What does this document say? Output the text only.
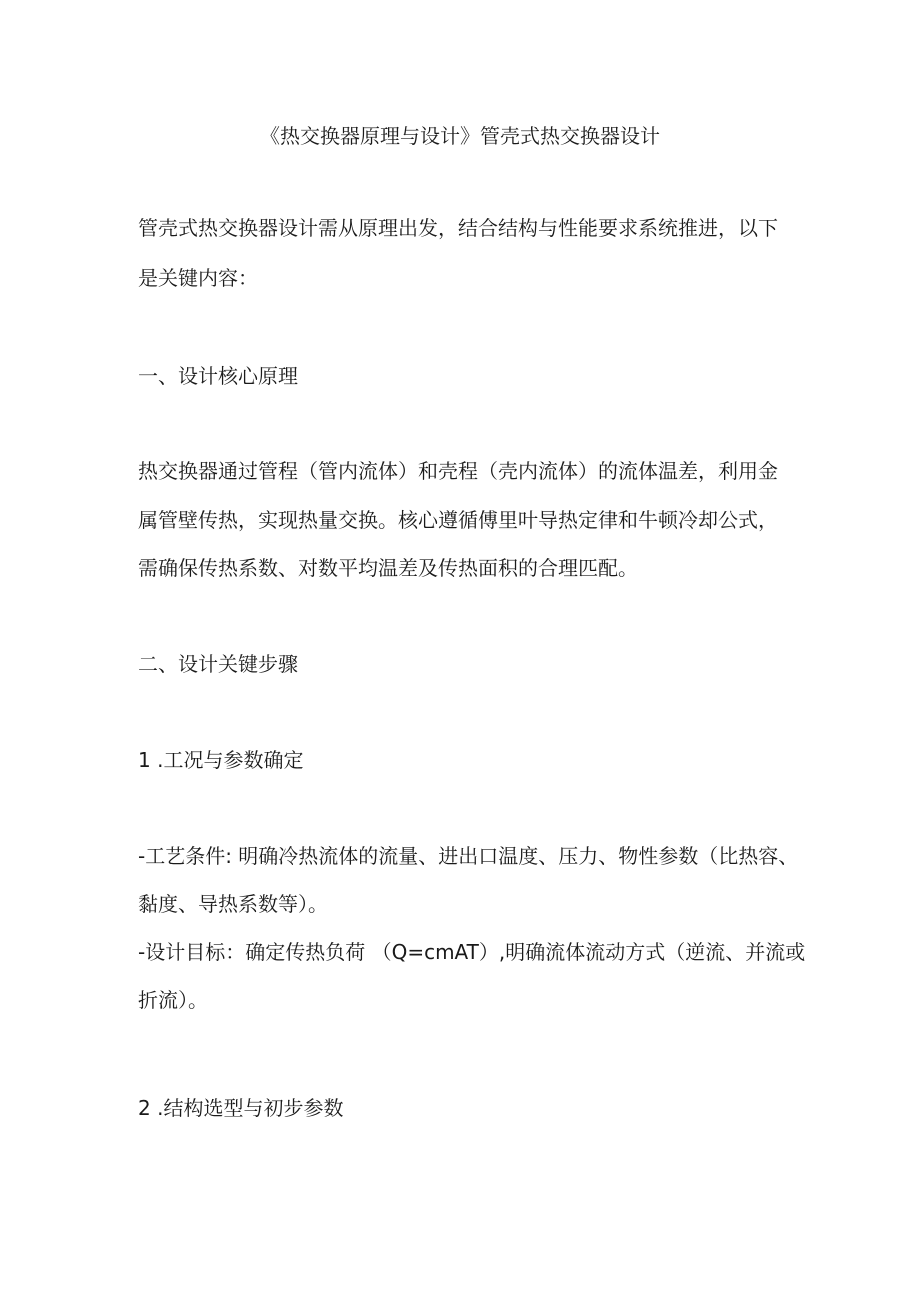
《热交换器原理与设计》管壳式热交换器设计
管壳式热交换器设计需从原理出发，结合结构与性能要求系统推进，以下
是关键内容：
一、设计核心原理
热交换器通过管程（管内流体）和壳程（壳内流体）的流体温差，利用金
属管壁传热，实现热量交换。核心遵循傅里叶导热定律和牛顿冷却公式，
需确保传热系数、对数平均温差及传热面积的合理匹配。
二、设计关键步骤
1 .工况与参数确定
-工艺条件: 明确冷热流体的流量、进出口温度、压力、物性参数（比热容、
黏度、导热系数等）。
-设计目标：确定传热负荷 （Q=cmAT）,明确流体流动方式（逆流、并流或
折流）。
2 .结构选型与初步参数
